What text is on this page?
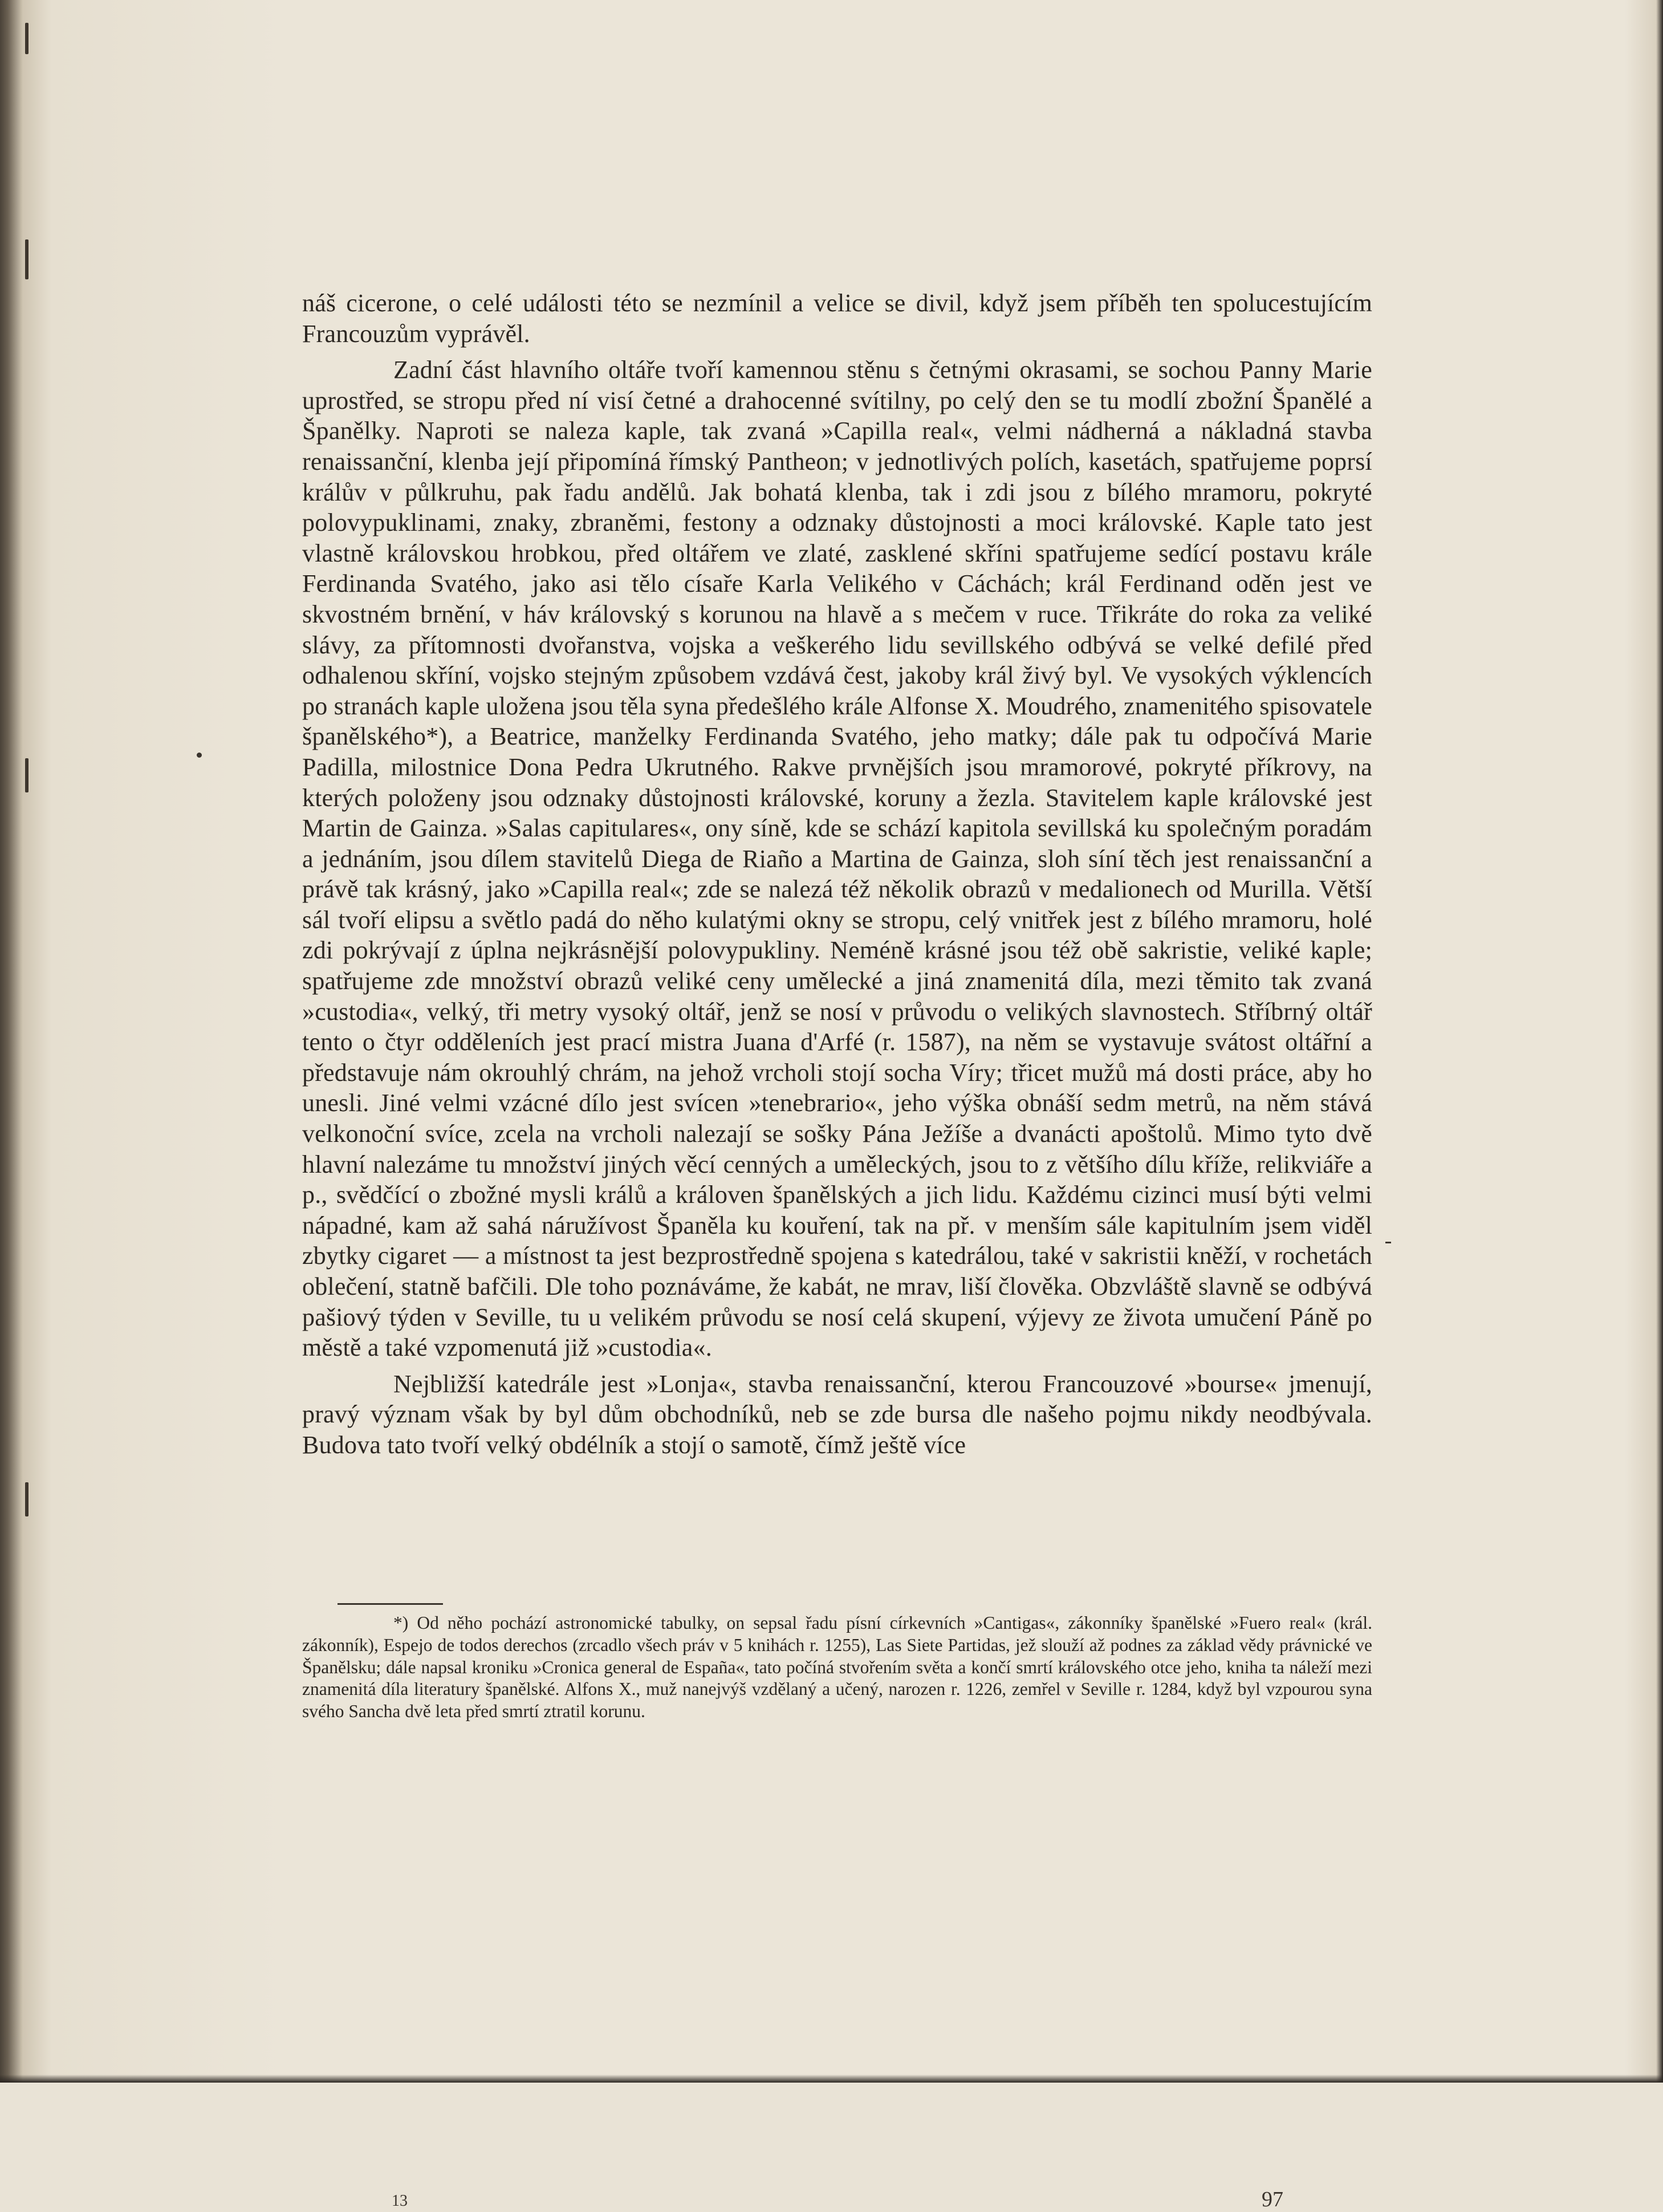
náš cicerone, o celé události této se nezmínil a velice se divil, když jsem příběh ten spolucestujícím Francouzům vyprávěl.

Zadní část hlavního oltáře tvoří kamennou stěnu s četnými okrasami, se sochou Panny Marie uprostřed, se stropu před ní visí četné a drahocenné svítilny, po celý den se tu modlí zbožní Španělé a Španělky. Naproti se naleza kaple, tak zvaná »Capilla real«, velmi nádherná a nákladná stavba renaissanční, klenba její připomíná římský Pantheon; v jednotlivých polích, kasetách, spatřujeme poprsí králův v půlkruhu, pak řadu andělů. Jak bohatá klenba, tak i zdi jsou z bílého mramoru, pokryté polovypuklinami, znaky, zbraněmi, festony a odznaky důstojnosti a moci královské. Kaple tato jest vlastně královskou hrobkou, před oltářem ve zlaté, zasklené skříni spatřujeme sedící postavu krále Ferdinanda Svatého, jako asi tělo císaře Karla Velikého v Cáchách; král Ferdinand oděn jest ve skvostném brnění, v háv královský s korunou na hlavě a s mečem v ruce. Třikráte do roka za veliké slávy, za přítomnosti dvořanstva, vojska a veškerého lidu sevillského odbývá se velké defilé před odhalenou skříní, vojsko stejným způsobem vzdává čest, jakoby král živý byl. Ve vysokých výklencích po stranách kaple uložena jsou těla syna předešlého krále Alfonse X. Moudrého, znamenitého spisovatele španělského*), a Beatrice, manželky Ferdinanda Svatého, jeho matky; dále pak tu odpočívá Marie Padilla, milostnice Dona Pedra Ukrutného. Rakve prvnějších jsou mramorové, pokryté příkrovy, na kterých položeny jsou odznaky důstojnosti královské, koruny a žezla. Stavitelem kaple královské jest Martin de Gainza. »Salas capitulares«, ony síně, kde se schází kapitola sevillská ku společným poradám a jednáním, jsou dílem stavitelů Diega de Riaño a Martina de Gainza, sloh síní těch jest renaissanční a právě tak krásný, jako »Capilla real«; zde se nalezá též několik obrazů v medalionech od Murilla. Větší sál tvoří elipsu a světlo padá do něho kulatými okny se stropu, celý vnitřek jest z bílého mramoru, holé zdi pokrývají z úplna nejkrásnější polovypukliny. Neméně krásné jsou též obě sakristie, veliké kaple; spatřujeme zde množství obrazů veliké ceny umělecké a jiná znamenitá díla, mezi těmito tak zvaná »custodia«, velký, tři metry vysoký oltář, jenž se nosí v průvodu o velikých slavnostech. Stříbrný oltář tento o čtyr odděleních jest prací mistra Juana d'Arfé (r. 1587), na něm se vystavuje svátost oltářní a představuje nám okrouhlý chrám, na jehož vrcholi stojí socha Víry; třicet mužů má dosti práce, aby ho unesli. Jiné velmi vzácné dílo jest svícen »tenebrario«, jeho výška obnáší sedm metrů, na něm stává velkonoční svíce, zcela na vrcholi nalezají se sošky Pána Ježíše a dvanácti apoštolů. Mimo tyto dvě hlavní nalezáme tu množství jiných věcí cenných a uměleckých, jsou to z většího dílu kříže, relikviáře a p., svědčící o zbožné mysli králů a královen španělských a jich lidu. Každému cizinci musí býti velmi nápadné, kam až sahá náružívost Španěla ku kouření, tak na př. v menším sále kapitulním jsem viděl zbytky cigaret — a místnost ta jest bezprostředně spojena s katedrálou, také v sakristii kněží, v rochetách oblečení, statně bafčili. Dle toho poznáváme, že kabát, ne mrav, liší člověka. Obzvláště slavně se odbývá pašiový týden v Seville, tu u velikém průvodu se nosí celá skupení, výjevy ze života umučení Páně po městě a také vzpomenutá již »custodia«.

Nejbližší katedrále jest »Lonja«, stavba renaissanční, kterou Francouzové »bourse« jmenují, pravý význam však by byl dům obchodníků, neb se zde bursa dle našeho pojmu nikdy neodbývala. Budova tato tvoří velký obdélník a stojí o samotě, čímž ještě více

*) Od něho pochází astronomické tabulky, on sepsal řadu písní církevních »Cantigas«, zákonníky španělské »Fuero real« (král. zákonník), Espejo de todos derechos (zrcadlo všech práv v 5 knihách r. 1255), Las Siete Partidas, jež slouží až podnes za základ vědy právnické ve Španělsku; dále napsal kroniku »Cronica general de España«, tato počíná stvořením světa a končí smrtí královského otce jeho, kniha ta náleží mezi znamenitá díla literatury španělské. Alfons X., muž nanejvýš vzdělaný a učený, narozen r. 1226, zemřel v Seville r. 1284, když byl vzpourou syna svého Sancha dvě leta před smrtí ztratil korunu.
13	97
